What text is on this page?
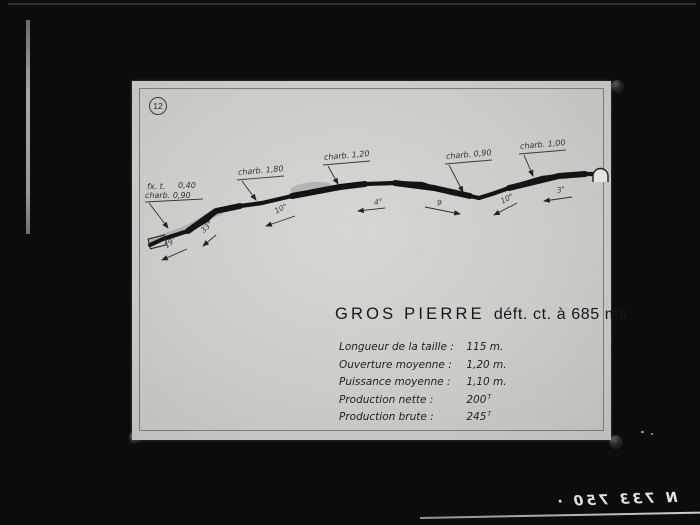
N 733 750 ·
12
fx. t. 0,40
charb. 0,90
charb. 1,80
charb. 1,20	charb. 0,90
charb. 1,00
19°
33°
10°	4°	9	10°
3°
GROS PIERRE déft. ct. à 685 ms.
Longueur de la taille : 115 m.
Ouverture moyenne : 1,20 m.
Puissance moyenne : 1,10 m.
Production nette :	$200^T$
Production brute :	$245^T$
